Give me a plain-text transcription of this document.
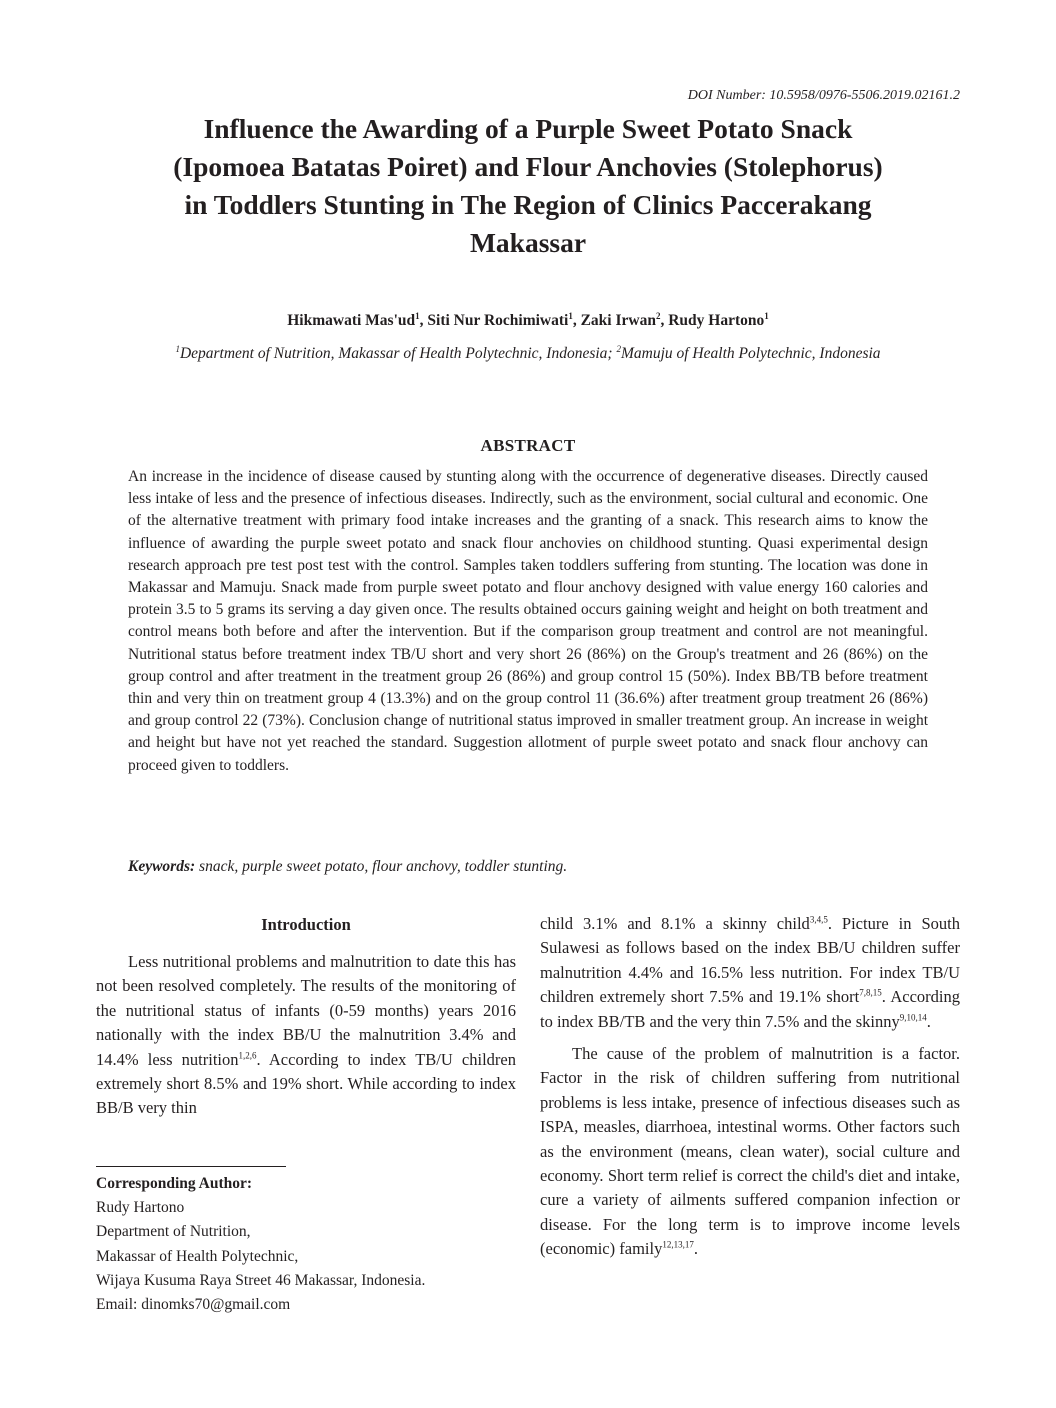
DOI Number: 10.5958/0976-5506.2019.02161.2
Influence the Awarding of a Purple Sweet Potato Snack
(Ipomoea Batatas Poiret) and Flour Anchovies (Stolephorus)
in Toddlers Stunting in The Region of Clinics Paccerakang
Makassar
Hikmawati $Mas'ud^1$, Siti Nur Rochimiwati$^1$, Zaki Irwan$^2$, Rudy Hartono$^1$
$^1$Department of Nutrition, Makassar of Health Polytechnic, Indonesia; $^2$Mamuju of Health Polytechnic, Indonesia
ABSTRACT

An increase in the incidence of disease caused by stunting along with the occurrence of degenerative diseases. Directly caused less intake of less and the presence of infectious diseases. Indirectly, such as the environment, social cultural and economic. One of the alternative treatment with primary food intake increases and the granting of a snack. This research aims to know the influence of awarding the purple sweet potato and snack flour anchovies on childhood stunting. Quasi experimental design research approach pre test post test with the control. Samples taken toddlers suffering from stunting. The location was done in Makassar and Mamuju. Snack made from purple sweet potato and flour anchovy designed with value energy 160 calories and protein 3.5 to 5 grams its serving a day given once. The results obtained occurs gaining weight and height on both treatment and control means both before and after the intervention. But if the comparison group treatment and control are not meaningful. Nutritional status before treatment index TB/U short and very short 26 (86%) on the Group's treatment and 26 (86%) on the group control and after treatment in the treatment group 26 (86%) and group control 15 (50%). Index BB/TB before treatment thin and very thin on treatment group 4 (13.3%) and on the group control 11 (36.6%) after treatment group treatment 26 (86%) and group control 22 (73%). Conclusion change of nutritional status improved in smaller treatment group. An increase in weight and height but have not yet reached the standard. Suggestion allotment of purple sweet potato and snack flour anchovy can proceed given to toddlers.

Keywords: snack, purple sweet potato, flour anchovy, toddler stunting.
Introduction

Less nutritional problems and malnutrition to date this has not been resolved completely. The results of the monitoring of the nutritional status of infants (0-59 months) years 2016 nationally with the index BB/U the malnutrition 3.4% and 14.4% less nutrition$^{1,2,6}$. According to index TB/U children extremely short 8.5% and 19% short. While according to index BB/B very thin

child 3.1% and 8.1% a skinny child$^{3,4,5}$. Picture in South Sulawesi as follows based on the index BB/U children suffer malnutrition 4.4% and 16.5% less nutrition. For index TB/U children extremely short 7.5% and 19.1% short$^{7,8,15}$. According to index BB/TB and the very thin 7.5% and the skinny$^{9,10,14}$.

The cause of the problem of malnutrition is a factor. Factor in the risk of children suffering from nutritional problems is less intake, presence of infectious diseases such as ISPA, measles, diarrhoea, intestinal worms. Other factors such as the environment (means, clean water), social culture and economy. Short term relief is correct the child's diet and intake, cure a variety of ailments suffered companion infection or disease. For the long term is to improve income levels (economic) family$^{12,13,17}$.

Corresponding Author:
Rudy Hartono
Department of Nutrition,
Makassar of Health Polytechnic,
Wijaya Kusuma Raya Street 46 Makassar, Indonesia.
Email: dinomks70@gmail.com
